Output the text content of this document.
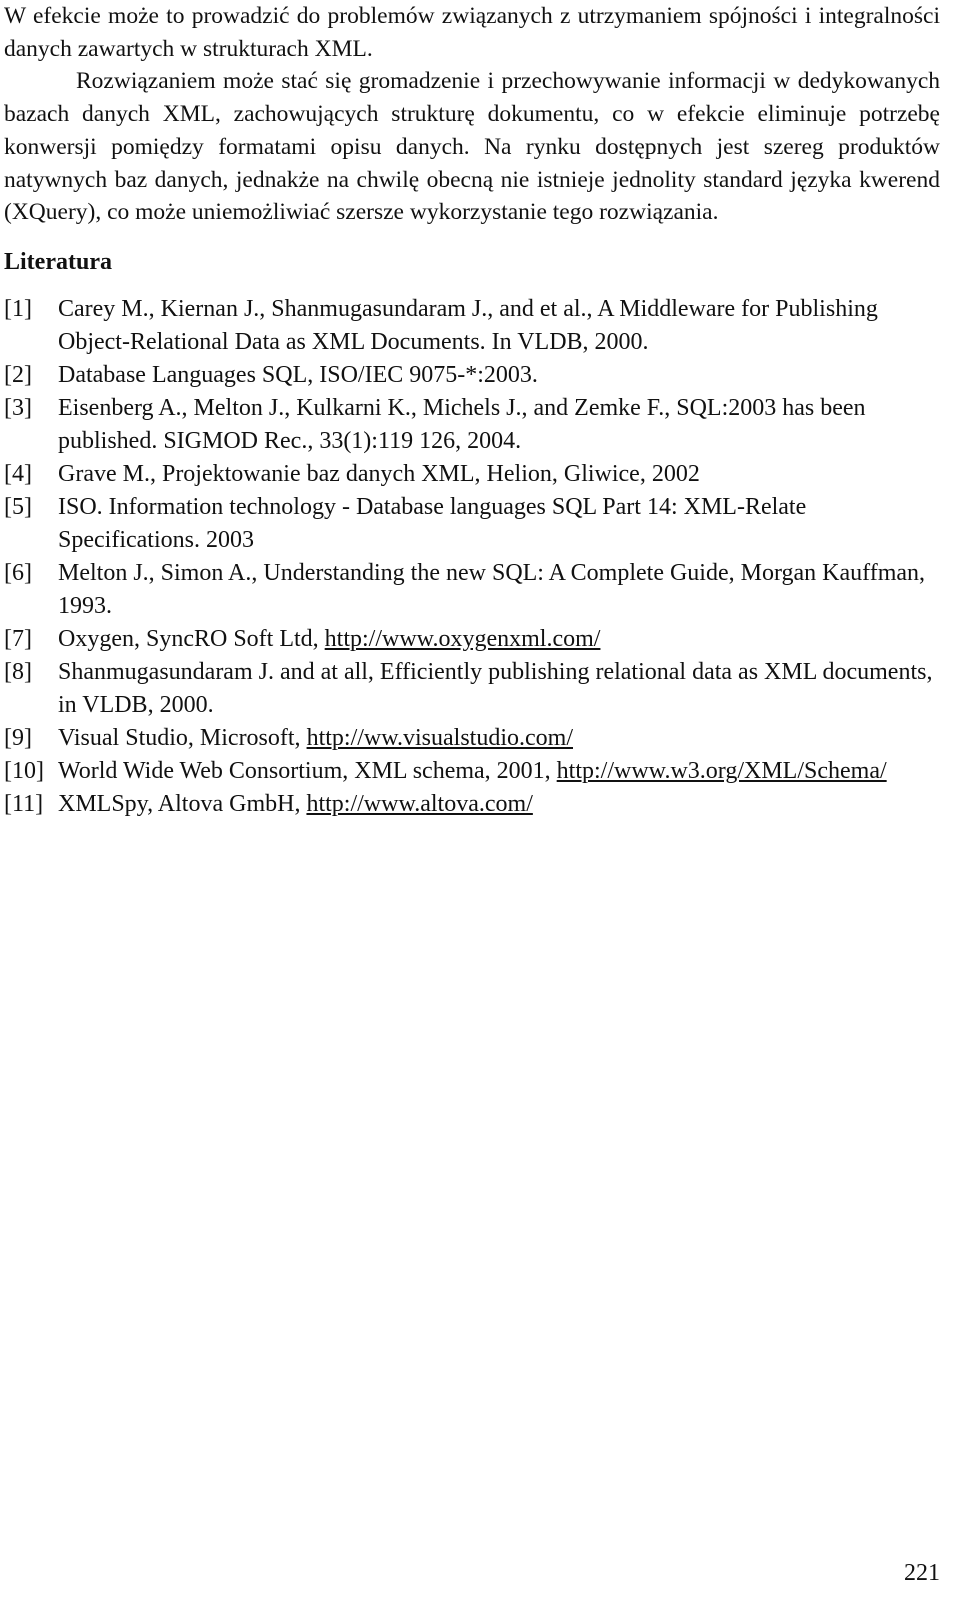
W efekcie może to prowadzić do problemów związanych z utrzymaniem spójności i integralności danych zawartych w strukturach XML.

Rozwiązaniem może stać się gromadzenie i przechowywanie informacji w dedykowanych bazach danych XML, zachowujących strukturę dokumentu, co w efekcie eliminuje potrzebę konwersji pomiędzy formatami opisu danych. Na rynku dostępnych jest szereg produktów natywnych baz danych, jednakże na chwilę obecną nie istnieje jednolity standard języka kwerend (XQuery), co może uniemożliwiać szersze wykorzystanie tego rozwiązania.

Literatura
[1] Carey M., Kiernan J., Shanmugasundaram J., and et al., A Middleware for Publishing Object-Relational Data as XML Documents. In VLDB, 2000.
[2] Database Languages SQL, ISO/IEC 9075-*:2003.
[3] Eisenberg A., Melton J., Kulkarni K., Michels J., and Zemke F., SQL:2003 has been published. SIGMOD Rec., 33(1):119 126, 2004.
[4] Grave M., Projektowanie baz danych XML, Helion, Gliwice, 2002
[5] ISO. Information technology - Database languages SQL Part 14: XML-Relate Specifications. 2003
[6] Melton J., Simon A., Understanding the new SQL: A Complete Guide, Morgan Kauffman, 1993.
[7] Oxygen, SyncRO Soft Ltd, http://www.oxygenxml.com/
[8] Shanmugasundaram J. and at all, Efficiently publishing relational data as XML documents, in VLDB, 2000.
[9] Visual Studio, Microsoft, http://ww.visualstudio.com/
[10] World Wide Web Consortium, XML schema, 2001, http://www.w3.org/XML/Schema/
[11] XMLSpy, Altova GmbH, http://www.altova.com/
221
